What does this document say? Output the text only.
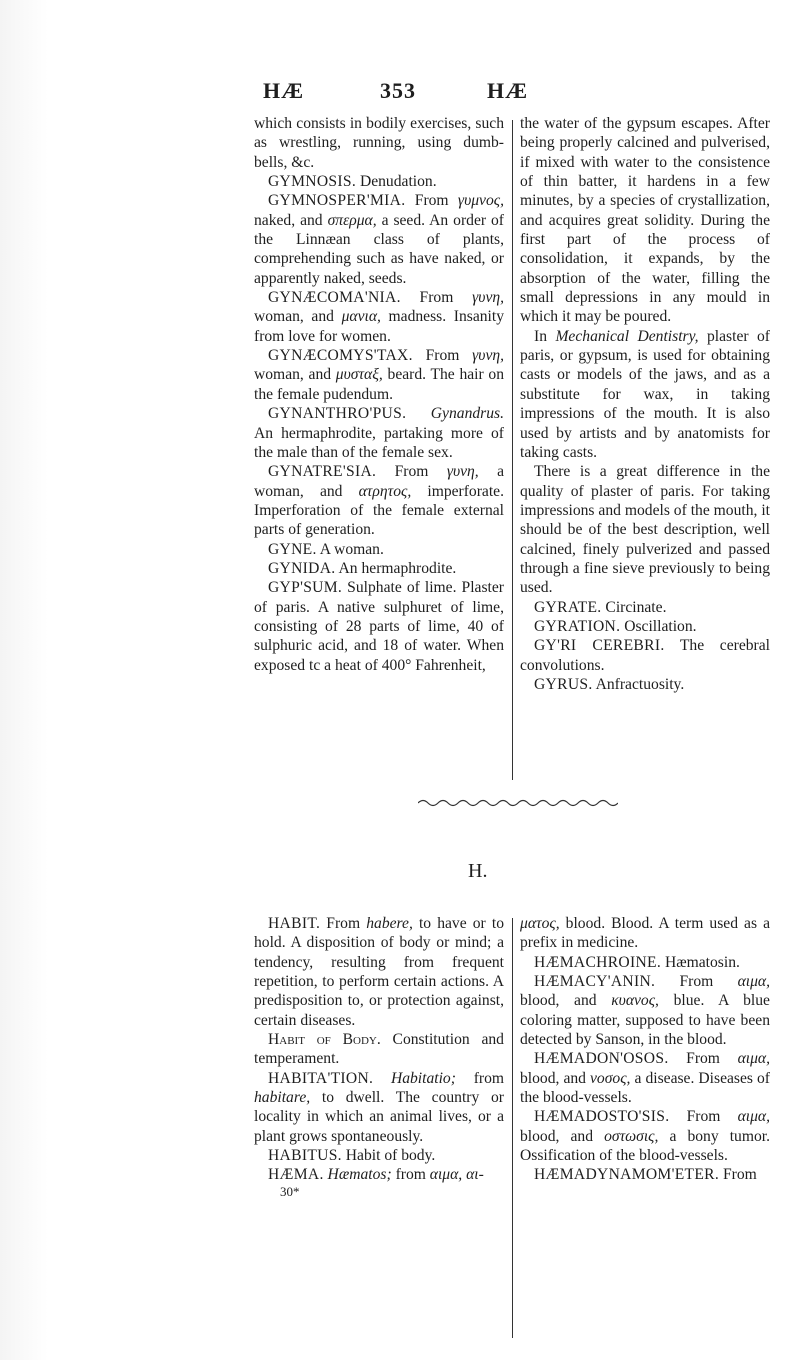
HÆ	353	HÆ

which consists in bodily exercises, such as wrestling, running, using dumb-bells, &c.

GYMNOSIS. Denudation.

GYMNOSPER'MIA. From γυμνος, naked, and σπερμα, a seed. An order of the Linnæan class of plants, comprehending such as have naked, or apparently naked, seeds.

GYNÆCOMA'NIA. From γυνη, woman, and μανια, madness. Insanity from love for women.

GYNÆCOMYS'TAX. From γυνη, woman, and μυσταξ, beard. The hair on the female pudendum.

GYNANTHRO'PUS. Gynandrus. An hermaphrodite, partaking more of the male than of the female sex.

GYNATRE'SIA. From γυνη, a woman, and ατρητος, imperforate. Imperforation of the female external parts of generation.

GYNE. A woman.

GYNIDA. An hermaphrodite.

GYP'SUM. Sulphate of lime. Plaster of paris. A native sulphuret of lime, consisting of 28 parts of lime, 40 of sulphuric acid, and 18 of water. When exposed tc a heat of 400° Fahrenheit,

the water of the gypsum escapes. After being properly calcined and pulverised, if mixed with water to the consistence of thin batter, it hardens in a few minutes, by a species of crystallization, and acquires great solidity. During the first part of the process of consolidation, it expands, by the absorption of the water, filling the small depressions in any mould in which it may be poured.

In Mechanical Dentistry, plaster of paris, or gypsum, is used for obtaining casts or models of the jaws, and as a substitute for wax, in taking impressions of the mouth. It is also used by artists and by anatomists for taking casts.

There is a great difference in the quality of plaster of paris. For taking impressions and models of the mouth, it should be of the best description, well calcined, finely pulverized and passed through a fine sieve previously to being used.

GYRATE. Circinate.

GYRATION. Oscillation.

GY'RI CEREBRI. The cerebral convolutions.

GYRUS. Anfractuosity.

H.

HABIT. From habere, to have or to hold. A disposition of body or mind; a tendency, resulting from frequent repetition, to perform certain actions. A predisposition to, or protection against, certain diseases.

Habit of Body. Constitution and temperament.

HABITA'TION. Habitatio; from habitare, to dwell. The country or locality in which an animal lives, or a plant grows spontaneously.

HABITUS. Habit of body.

HÆMA. Hæmatos; from αιμα, αι-

30*

ματος, blood. Blood. A term used as a prefix in medicine.

HÆMACHROINE. Hæmatosin.

HÆMACY'ANIN. From αιμα, blood, and κυανος, blue. A blue coloring matter, supposed to have been detected by Sanson, in the blood.

HÆMADON'OSOS. From αιμα, blood, and νοσος, a disease. Diseases of the blood-vessels.

HÆMADOSTO'SIS. From αιμα, blood, and οστωσις, a bony tumor. Ossification of the blood-vessels.

HÆMADYNAMOM'ETER. From
